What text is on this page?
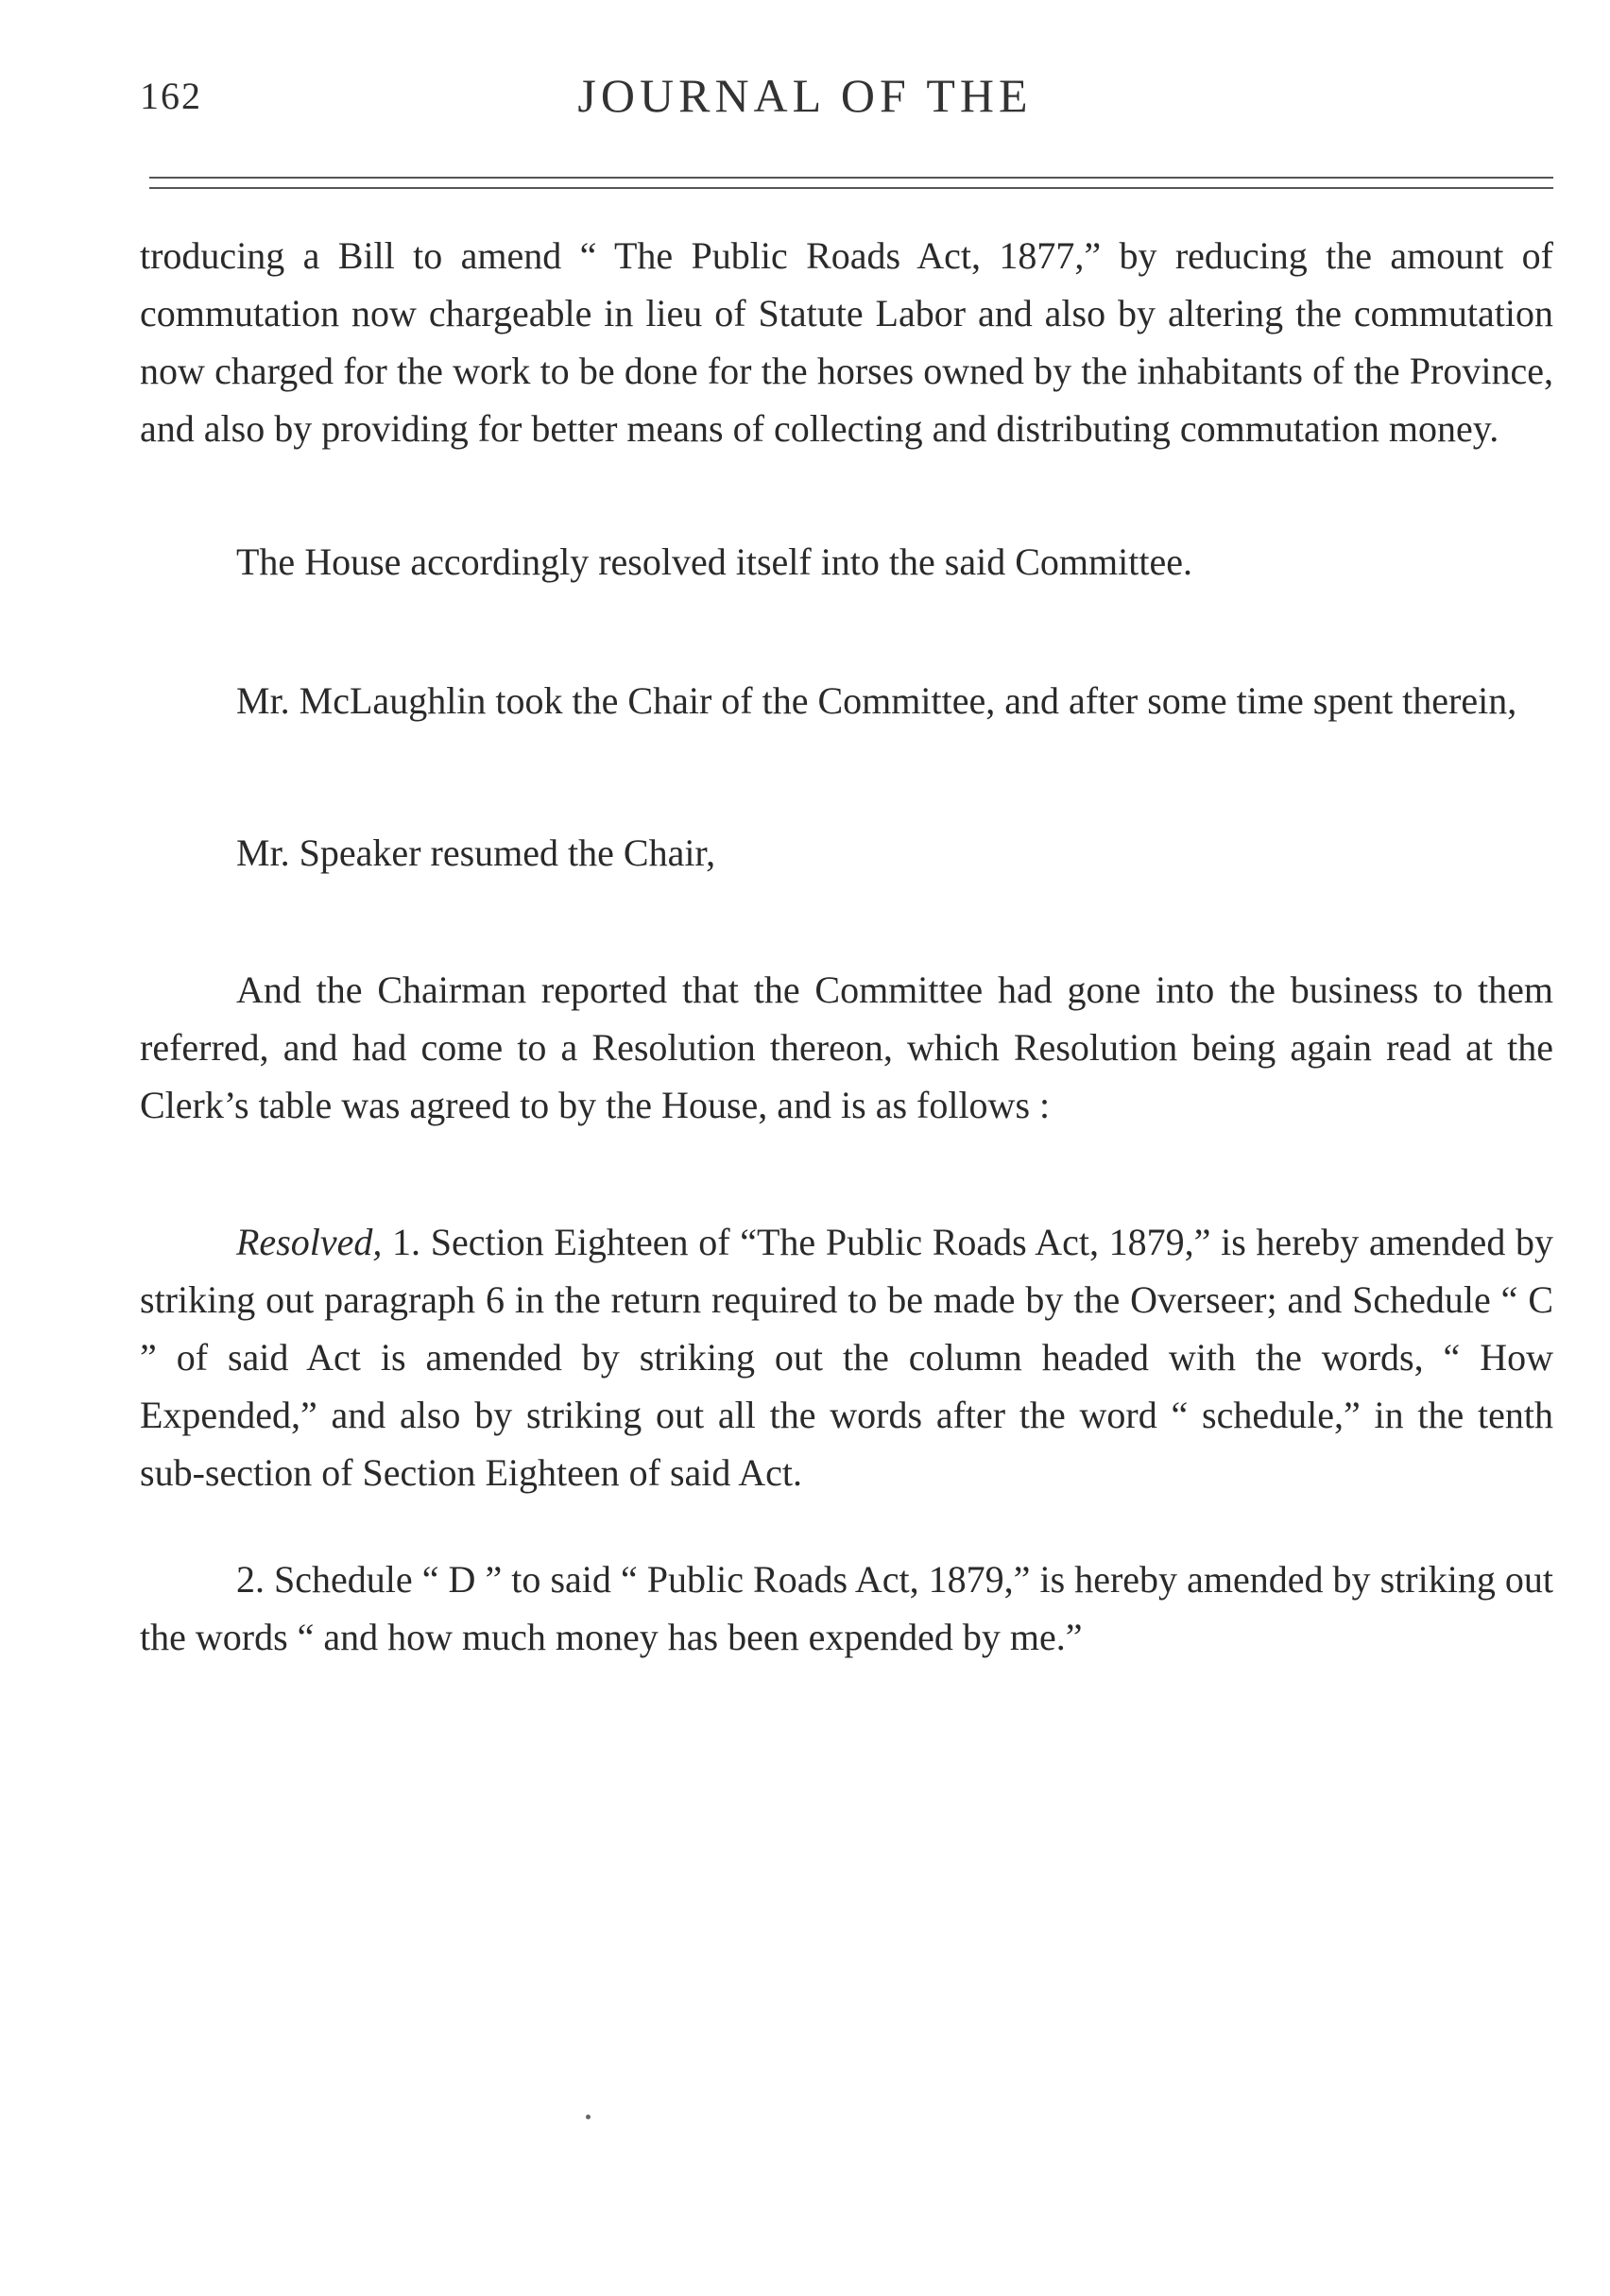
162	JOURNAL OF THE

troducing a Bill to amend “ The Public Roads Act, 1877,” by reducing the amount of commutation now chargeable in lieu of Statute Labor and also by altering the commutation now charged for the work to be done for the horses owned by the inhabitants of the Province, and also by providing for better means of collecting and distributing commutation money.

The House accordingly resolved itself into the said Committee.

Mr. McLaughlin took the Chair of the Committee, and after some time spent therein,

Mr. Speaker resumed the Chair,

And the Chairman reported that the Committee had gone into the business to them referred, and had come to a Resolution thereon, which Resolution being again read at the Clerk’s table was agreed to by the House, and is as follows :

Resolved, 1. Section Eighteen of “The Public Roads Act, 1879,” is hereby amended by striking out paragraph 6 in the return required to be made by the Overseer; and Schedule “ C ” of said Act is amended by striking out the column headed with the words, “ How Expended,” and also by striking out all the words after the word “ schedule,” in the tenth sub-section of Section Eighteen of said Act.

2. Schedule “ D ” to said “ Public Roads Act, 1879,” is hereby amended by striking out the words “ and how much money has been expended by me.”
